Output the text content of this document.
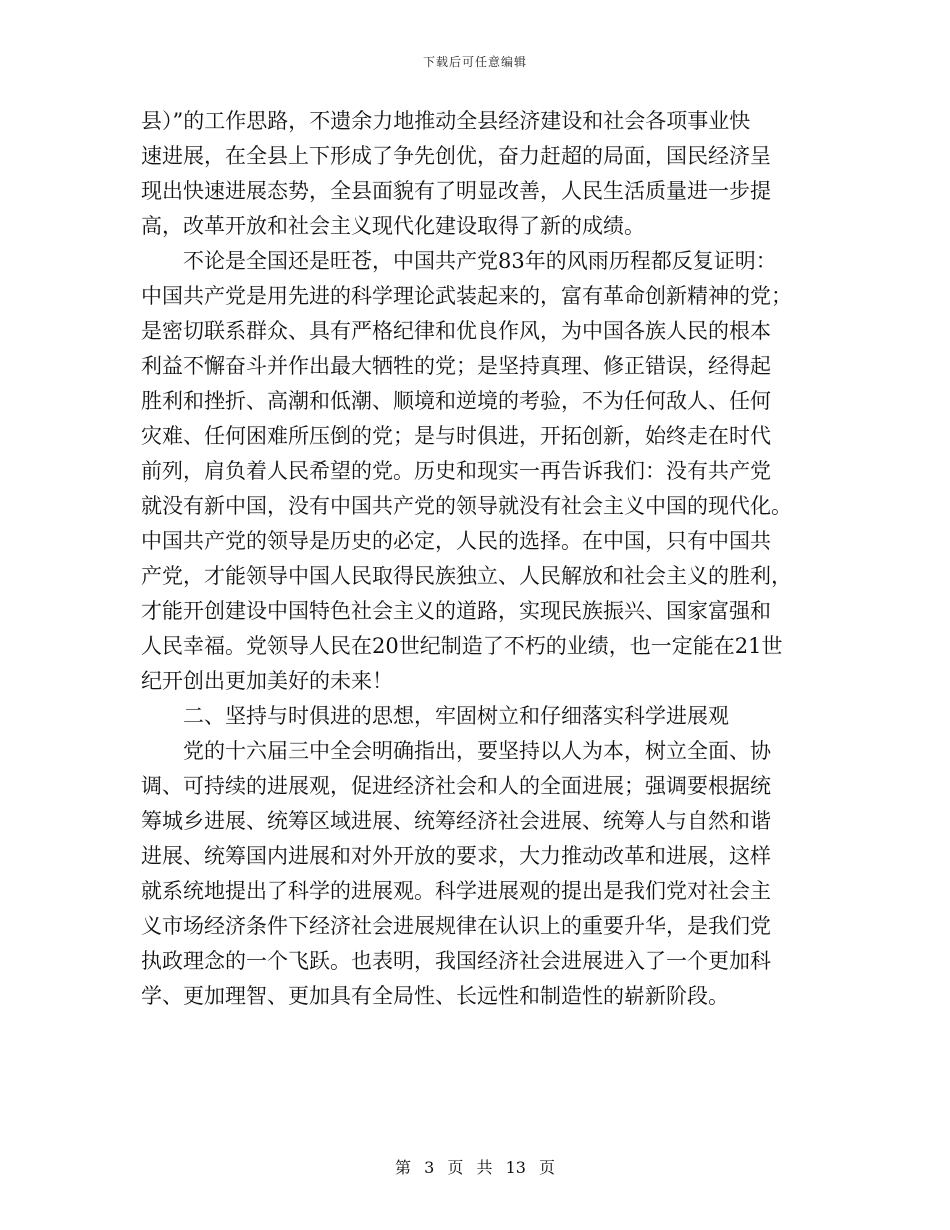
下载后可任意编辑
县）”的工作思路，不遗余力地推动全县经济建设和社会各项事业快
速进展，在全县上下形成了争先创优，奋力赶超的局面，国民经济呈
现出快速进展态势，全县面貌有了明显改善，人民生活质量进一步提
高，改革开放和社会主义现代化建设取得了新的成绩。
不论是全国还是旺苍，中国共产党83年的风雨历程都反复证明：
中国共产党是用先进的科学理论武装起来的，富有革命创新精神的党；
是密切联系群众、具有严格纪律和优良作风，为中国各族人民的根本
利益不懈奋斗并作出最大牺牲的党；是坚持真理、修正错误，经得起
胜利和挫折、高潮和低潮、顺境和逆境的考验，不为任何敌人、任何
灾难、任何困难所压倒的党；是与时俱进，开拓创新，始终走在时代
前列，肩负着人民希望的党。历史和现实一再告诉我们：没有共产党
就没有新中国，没有中国共产党的领导就没有社会主义中国的现代化。
中国共产党的领导是历史的必定，人民的选择。在中国，只有中国共
产党，才能领导中国人民取得民族独立、人民解放和社会主义的胜利，
才能开创建设中国特色社会主义的道路，实现民族振兴、国家富强和
人民幸福。党领导人民在20世纪制造了不朽的业绩，也一定能在21世
纪开创出更加美好的未来！
二、坚持与时俱进的思想，牢固树立和仔细落实科学进展观
党的十六届三中全会明确指出，要坚持以人为本，树立全面、协
调、可持续的进展观，促进经济社会和人的全面进展；强调要根据统
筹城乡进展、统筹区域进展、统筹经济社会进展、统筹人与自然和谐
进展、统筹国内进展和对外开放的要求，大力推动改革和进展，这样
就系统地提出了科学的进展观。科学进展观的提出是我们党对社会主
义市场经济条件下经济社会进展规律在认识上的重要升华，是我们党
执政理念的一个飞跃。也表明，我国经济社会进展进入了一个更加科
学、更加理智、更加具有全局性、长远性和制造性的崭新阶段。
第 3 页 共 13 页
